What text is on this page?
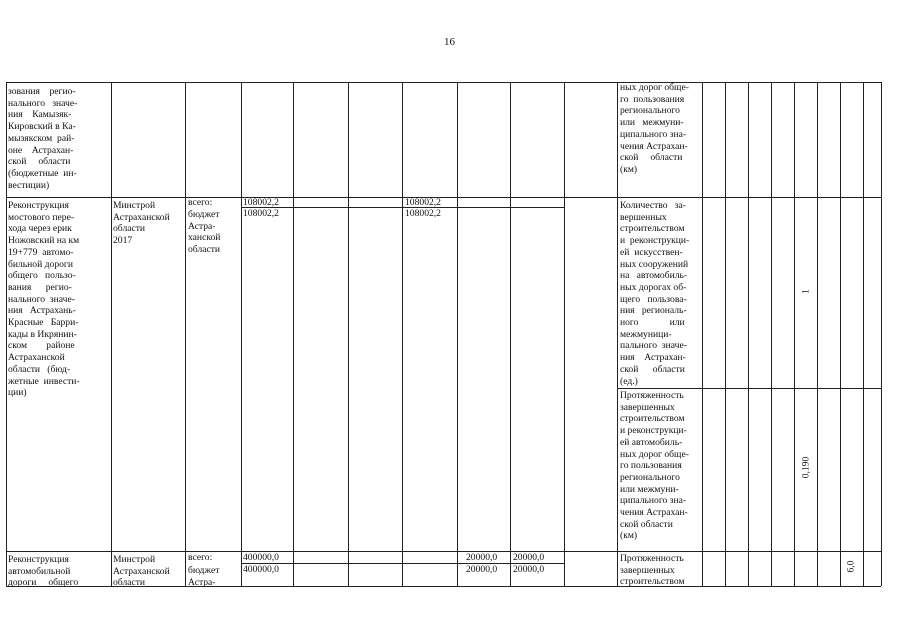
16
зования    регио-
нального   значе-
ния    Камызяк-
Кировский в Ка-
мызякском  рай-
оне    Астрахан-
ской     области
(бюджетные  ин-
вестиции)
ных дорог обще-
го  пользования
регионального
или   межмуни-
ципального зна-
чения Астрахан-
ской     области
(км)
Реконструкция
мостового пере-
хода через ерик
Ножовский на км
19+779  автомо-
бильной дороги
общего   пользо-
вания      регио-
нального  значе-
ния   Астрахань-
Красные   Барри-
кады в Икрянин-
ском        районе
Астраханской
области   (бюд-
жетные  инвести-
ции)
Минстрой
Астраханской
области
2017
всего:
бюджет
Астра-
ханской
области
108002,2
108002,2
108002,2
108002,2
Количество   за-
вершенных
строительством
и  реконструкци-
ей  искусствен-
ных сооружений
на   автомобиль-
ных дорогах об-
щего   пользова-
ния   региональ-
ного             или
межмуници-
пального  значе-
ния    Астрахан-
ской      области
(ед.)
1
Протяженность
завершенных
строительством
и реконструкци-
ей автомобиль-
ных дорог обще-
го пользования
регионального
или межмуни-
ципального зна-
чения Астрахан-
ской области
(км)
0,190
Реконструкция
автомобильной
дороги     общего
Минстрой
Астраханской
области
всего:
бюджет
Астра-
400000,0
400000,0
20000,0
20000,0
20000,0
20000,0
Протяженность
завершенных
строительством
6,0
